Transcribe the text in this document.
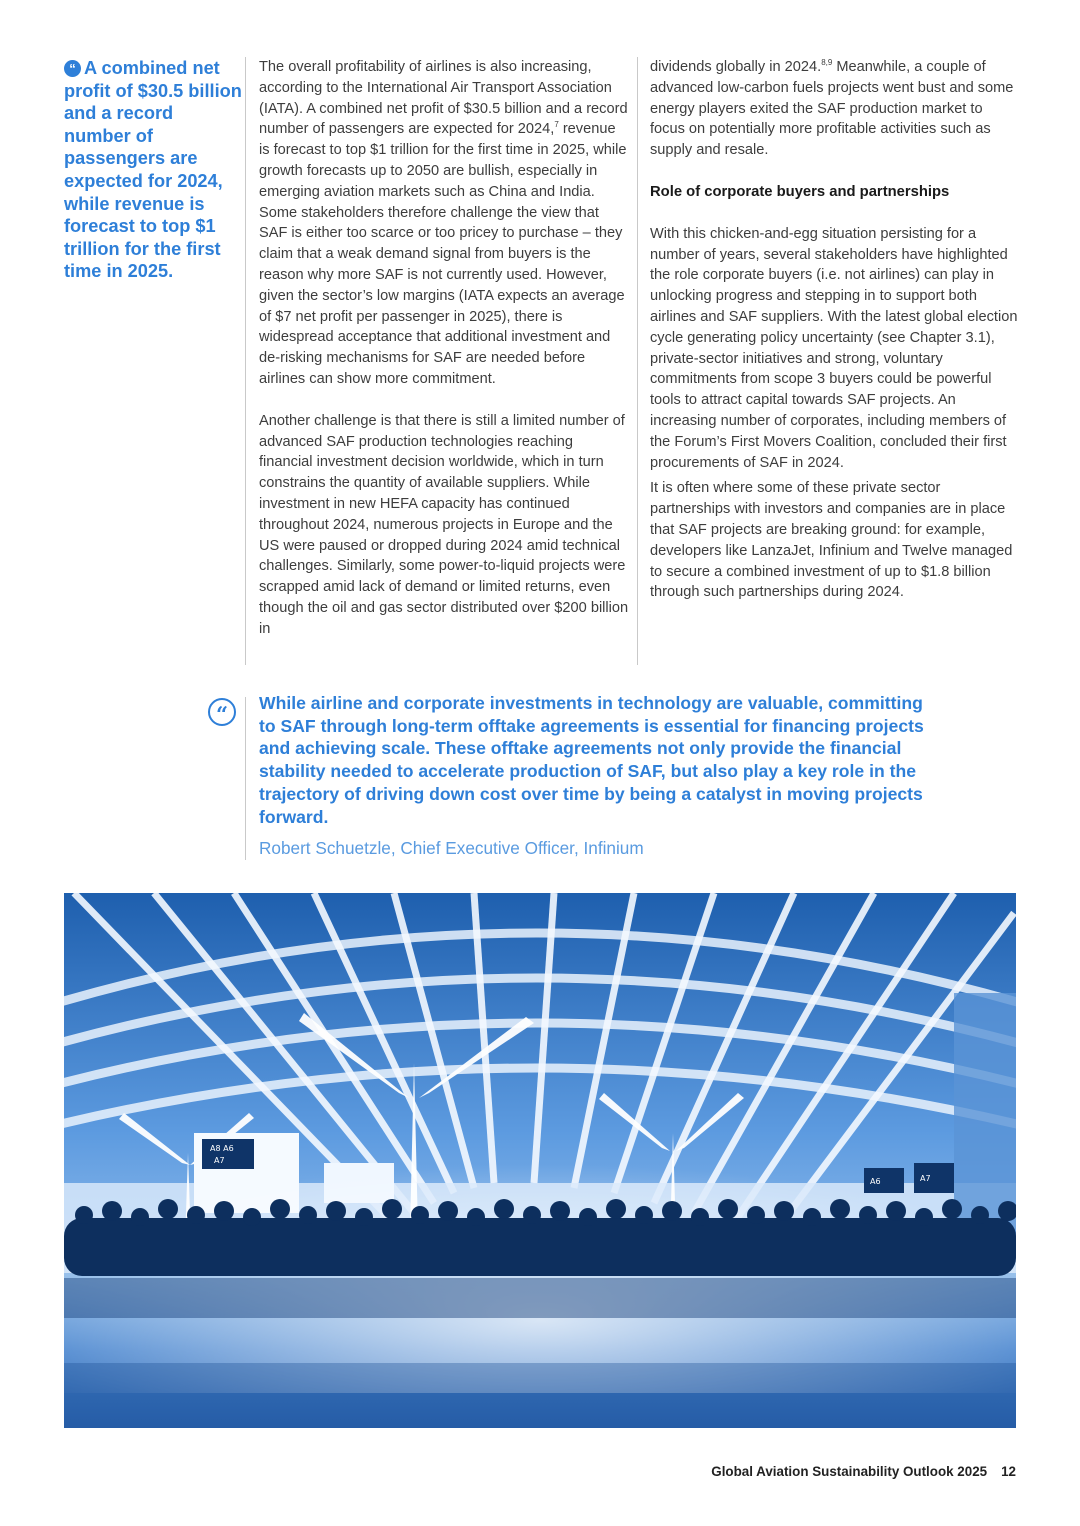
“ A combined net profit of $30.5 billion and a record number of passengers are expected for 2024, while revenue is forecast to top $1 trillion for the first time in 2025.

The overall profitability of airlines is also increasing, according to the International Air Transport Association (IATA). A combined net profit of $30.5 billion and a record number of passengers are expected for 2024,$^7$ revenue is forecast to top $1 trillion for the first time in 2025, while growth forecasts up to 2050 are bullish, especially in emerging aviation markets such as China and India. Some stakeholders therefore challenge the view that SAF is either too scarce or too pricey to purchase – they claim that a weak demand signal from buyers is the reason why more SAF is not currently used. However, given the sector’s low margins (IATA expects an average of $7 net profit per passenger in 2025), there is widespread acceptance that additional investment and de-risking mechanisms for SAF are needed before airlines can show more commitment.

Another challenge is that there is still a limited number of advanced SAF production technologies reaching financial investment decision worldwide, which in turn constrains the quantity of available suppliers. While investment in new HEFA capacity has continued throughout 2024, numerous projects in Europe and the US were paused or dropped during 2024 amid technical challenges. Similarly, some power-to-liquid projects were scrapped amid lack of demand or limited returns, even though the oil and gas sector distributed over $200 billion in

dividends globally in 2024.$^{8,9}$ Meanwhile, a couple of advanced low-carbon fuels projects went bust and some energy players exited the SAF production market to focus on potentially more profitable activities such as supply and resale.

Role of corporate buyers and partnerships

With this chicken-and-egg situation persisting for a number of years, several stakeholders have highlighted the role corporate buyers (i.e. not airlines) can play in unlocking progress and stepping in to support both airlines and SAF suppliers. With the latest global election cycle generating policy uncertainty (see Chapter 3.1), private-sector initiatives and strong, voluntary commitments from scope 3 buyers could be powerful tools to attract capital towards SAF projects. An increasing number of corporates, including members of the Forum’s First Movers Coalition, concluded their first procurements of SAF in 2024.

It is often where some of these private sector partnerships with investors and companies are in place that SAF projects are breaking ground: for example, developers like LanzaJet, Infinium and Twelve managed to secure a combined investment of up to $1.8 billion through such partnerships during 2024.

“	While airline and corporate investments in technology are valuable, committing to SAF through long-term offtake agreements is essential for financing projects and achieving scale. These offtake agreements not only provide the financial stability needed to accelerate production of SAF, but also play a key role in the trajectory of driving down cost over time by being a catalyst in moving projects forward.
Robert Schuetzle, Chief Executive Officer, Infinium
Global Aviation Sustainability Outlook 2025 12
